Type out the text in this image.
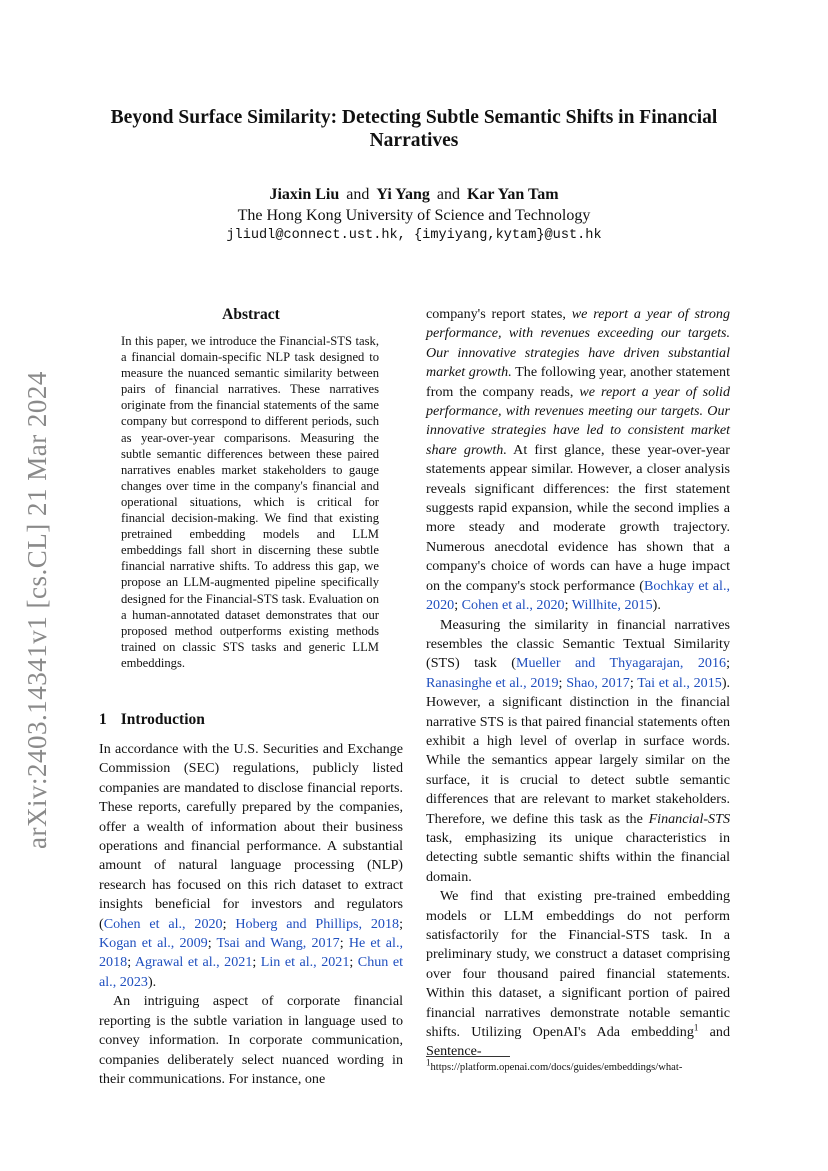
arXiv:2403.14341v1 [cs.CL] 21 Mar 2024
Beyond Surface Similarity: Detecting Subtle Semantic Shifts in Financial Narratives
Jiaxin Liu and Yi Yang and Kar Yan Tam
The Hong Kong University of Science and Technology
jliudl@connect.ust.hk, {imyiyang,kytam}@ust.hk
Abstract

In this paper, we introduce the Financial-STS task, a financial domain-specific NLP task designed to measure the nuanced semantic similarity between pairs of financial narratives. These narratives originate from the financial statements of the same company but correspond to different periods, such as year-over-year comparisons. Measuring the subtle semantic differences between these paired narratives enables market stakeholders to gauge changes over time in the company's financial and operational situations, which is critical for financial decision-making. We find that existing pretrained embedding models and LLM embeddings fall short in discerning these subtle financial narrative shifts. To address this gap, we propose an LLM-augmented pipeline specifically designed for the Financial-STS task. Evaluation on a human-annotated dataset demonstrates that our proposed method outperforms existing methods trained on classic STS tasks and generic LLM embeddings.

1 Introduction

In accordance with the U.S. Securities and Exchange Commission (SEC) regulations, publicly listed companies are mandated to disclose financial reports. These reports, carefully prepared by the companies, offer a wealth of information about their business operations and financial performance. A substantial amount of natural language processing (NLP) research has focused on this rich dataset to extract insights beneficial for investors and regulators (Cohen et al., 2020; Hoberg and Phillips, 2018; Kogan et al., 2009; Tsai and Wang, 2017; He et al., 2018; Agrawal et al., 2021; Lin et al., 2021; Chun et al., 2023).

An intriguing aspect of corporate financial reporting is the subtle variation in language used to convey information. In corporate communication, companies deliberately select nuanced wording in their communications. For instance, one

company's report states, we report a year of strong performance, with revenues exceeding our targets. Our innovative strategies have driven substantial market growth. The following year, another statement from the company reads, we report a year of solid performance, with revenues meeting our targets. Our innovative strategies have led to consistent market share growth. At first glance, these year-over-year statements appear similar. However, a closer analysis reveals significant differences: the first statement suggests rapid expansion, while the second implies a more steady and moderate growth trajectory. Numerous anecdotal evidence has shown that a company's choice of words can have a huge impact on the company's stock performance (Bochkay et al., 2020; Cohen et al., 2020; Willhite, 2015).

Measuring the similarity in financial narratives resembles the classic Semantic Textual Similarity (STS) task (Mueller and Thyagarajan, 2016; Ranasinghe et al., 2019; Shao, 2017; Tai et al., 2015). However, a significant distinction in the financial narrative STS is that paired financial statements often exhibit a high level of overlap in surface words. While the semantics appear largely similar on the surface, it is crucial to detect subtle semantic differences that are relevant to market stakeholders. Therefore, we define this task as the Financial-STS task, emphasizing its unique characteristics in detecting subtle semantic shifts within the financial domain.

We find that existing pre-trained embedding models or LLM embeddings do not perform satisfactorily for the Financial-STS task. In a preliminary study, we construct a dataset comprising over four thousand paired financial statements. Within this dataset, a significant portion of paired financial narratives demonstrate notable semantic shifts. Utilizing OpenAI's Ada embedding$^1$ and Sentence-

$^1$https://platform.openai.com/docs/guides/embeddings/what-
